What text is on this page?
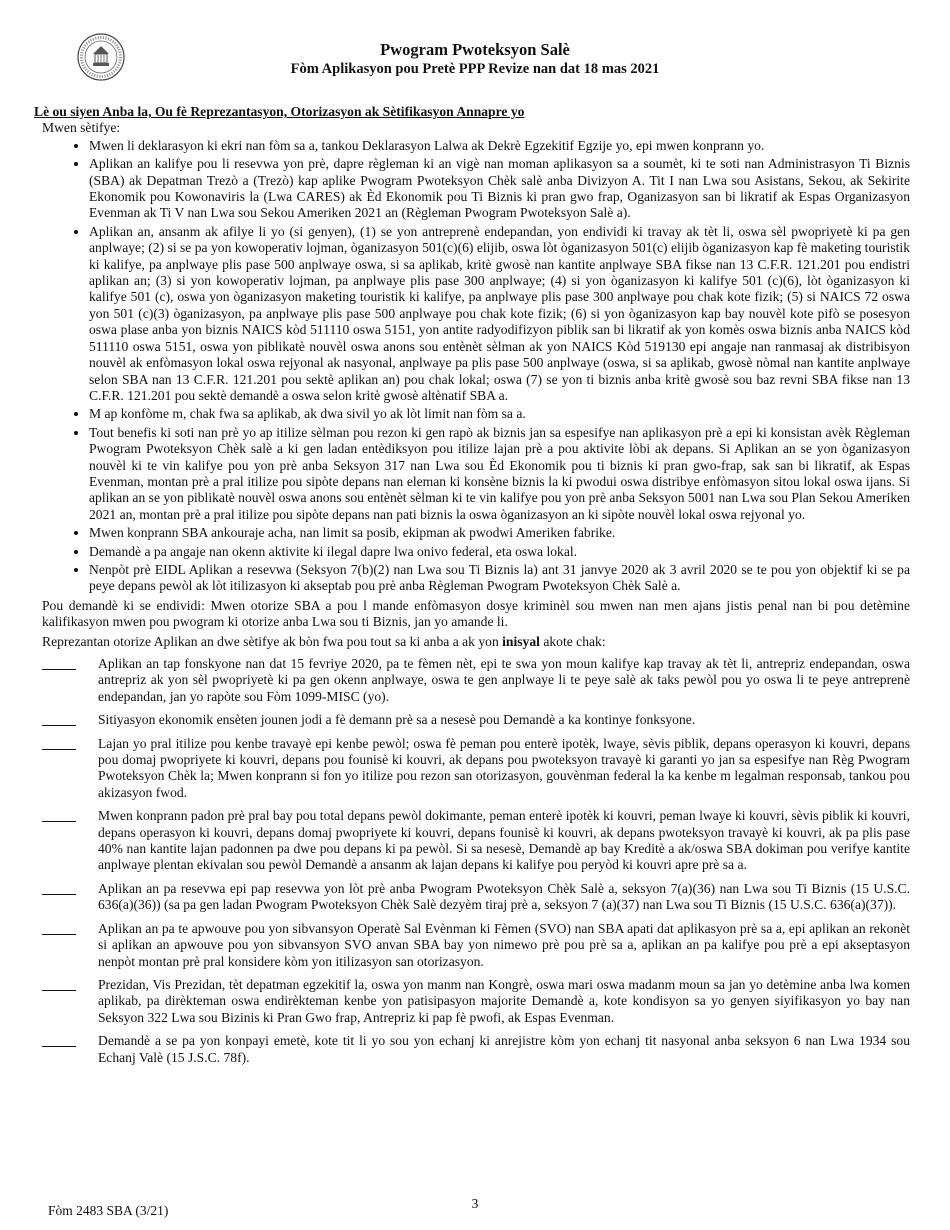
Pwogram Pwoteksyon Salè
Fòm Aplikasyon pou Pretè PPP Revize nan dat 18 mas 2021
Lè ou siyen Anba la, Ou fè Reprezantasyon, Otorizasyon ak Sètifikasyon Annapre yo
Mwen sètifye:
• Mwen li deklarasyon ki ekri nan fòm sa a, tankou Deklarasyon Lalwa ak Dekrè Egzekitif Egzije yo, epi mwen konprann yo.
• Aplikan an kalifye pou li resevwa yon prè, dapre règleman ki an vigè nan moman aplikasyon sa a soumèt, ki te soti nan Administrasyon Ti Biznis (SBA) ak Depatman Trezò a (Trezò) kap aplike Pwogram Pwoteksyon Chèk salè anba Divizyon A. Tit I nan Lwa sou Asistans, Sekou, ak Sekirite Ekonomik pou Kowonaviris la (Lwa CARES) ak Èd Ekonomik pou Ti Biznis ki pran gwo frap, Oganizasyon san bi likratif ak Espas Organizasyon Evenman ak Ti V nan Lwa sou Sekou Ameriken 2021 an (Règleman Pwogram Pwoteksyon Salè a).
• Aplikan an, ansanm ak afilye li yo (si genyen), (1) se yon antreprenè endepandan, yon endividi ki travay ak tèt li, oswa sèl pwopriyetè ki pa gen anplwaye; (2) si se pa yon kowoperativ lojman, òganizasyon 501(c)(6) elijib, oswa lòt òganizasyon 501(c) elijib òganizasyon kap fè maketing touristik ki kalifye, pa anplwaye plis pase 500 anplwaye oswa, si sa aplikab, kritè gwosè nan kantite anplwaye SBA fikse nan 13 C.F.R. 121.201 pou endistri aplikan an; (3) si yon kowoperativ lojman, pa anplwaye plis pase 300 anplwaye; (4) si yon òganizasyon ki kalifye 501 (c)(6), lòt òganizasyon ki kalifye 501 (c), oswa yon òganizasyon maketing touristik ki kalifye, pa anplwaye plis pase 300 anplwaye pou chak kote fizik; (5) si NAICS 72 oswa yon 501 (c)(3) òganizasyon, pa anplwaye plis pase 500 anplwaye pou chak kote fizik; (6) si yon òganizasyon kap bay nouvèl kote pifò se posesyon oswa plase anba yon biznis NAICS kòd 511110 oswa 5151, yon antite radyodifizyon piblik san bi likratif ak yon komès oswa biznis anba NAICS kòd 511110 oswa 5151, oswa yon piblikatè nouvèl oswa anons sou entènèt sèlman ak yon NAICS Kòd 519130 epi angaje nan ranmasaj ak distribisyon nouvèl ak enfòmasyon lokal oswa rejyonal ak nasyonal, anplwaye pa plis pase 500 anplwaye (oswa, si sa aplikab, gwosè nòmal nan kantite anplwaye selon SBA nan 13 C.F.R. 121.201 pou sektè aplikan an) pou chak lokal; oswa (7) se yon ti biznis anba kritè gwosè sou baz revni SBA fikse nan 13 C.F.R. 121.201 pou sektè demandè a oswa selon kritè gwosè altènatif SBA a.
• M ap konfòme m, chak fwa sa aplikab, ak dwa sivil yo ak lòt limit nan fòm sa a.
• Tout benefis ki soti nan prè yo ap itilize sèlman pou rezon ki gen rapò ak biznis jan sa espesifye nan aplikasyon prè a epi ki konsistan avèk Règleman Pwogram Pwoteksyon Chèk salè a ki gen ladan entèdiksyon pou itilize lajan prè a pou aktivite lòbi ak depans. Si Aplikan an se yon òganizasyon nouvèl ki te vin kalifye pou yon prè anba Seksyon 317 nan Lwa sou Èd Ekonomik pou ti biznis ki pran gwo-frap, sak san bi likratif, ak Espas Evenman, montan prè a pral itilize pou sipòte depans nan eleman ki konsène biznis la ki pwodui oswa distribye enfòmasyon sitou lokal oswa ijans. Si aplikan an se yon piblikatè nouvèl oswa anons sou entènèt sèlman ki te vin kalifye pou yon prè anba Seksyon 5001 nan Lwa sou Plan Sekou Ameriken 2021 an, montan prè a pral itilize pou sipòte depans nan pati biznis la oswa òganizasyon an ki sipòte nouvèl lokal oswa rejyonal yo.
• Mwen konprann SBA ankouraje acha, nan limit sa posib, ekipman ak pwodwi Ameriken fabrike.
• Demandè a pa angaje nan okenn aktivite ki ilegal dapre lwa onivo federal, eta oswa lokal.
• Nenpòt prè EIDL Aplikan a resevwa (Seksyon 7(b)(2) nan Lwa sou Ti Biznis la) ant 31 janvye 2020 ak 3 avril 2020 se te pou yon objektif ki se pa peye depans pewòl ak lòt itilizasyon ki akseptab pou prè anba Règleman Pwogram Pwoteksyon Chèk Salè a.
Pou demandè ki se endividi: Mwen otorize SBA a pou l mande enfòmasyon dosye kriminèl sou mwen nan men ajans jistis penal nan bi pou detèmine kalifikasyon mwen pou pwogram ki otorize anba Lwa sou ti Biznis, jan yo amande li.
Reprezantan otorize Aplikan an dwe sètifye ak bòn fwa pou tout sa ki anba a ak yon inisyal akote chak:
Aplikan an tap fonskyone nan dat 15 fevriye 2020, pa te fèmen nèt, epi te swa yon moun kalifye kap travay ak tèt li, antrepriz endepandan, oswa antrepriz ak yon sèl pwopriyetè ki pa gen okenn anplwaye, oswa te gen anplwaye li te peye salè ak taks pewòl pou yo oswa li te peye antreprenè endepandan, jan yo rapòte sou Fòm 1099-MISC (yo).
Sitiyasyon ekonomik ensèten jounen jodi a fè demann prè sa a nesesè pou Demandè a ka kontinye fonksyone.
Lajan yo pral itilize pou kenbe travayè epi kenbe pewòl; oswa fè peman pou enterè ipotèk, lwaye, sèvis piblik, depans operasyon ki kouvri, depans pou domaj pwopriyete ki kouvri, depans pou founisè ki kouvri, ak depans pou pwoteksyon travayè ki garanti yo jan sa espesifye nan Règ Pwogram Pwoteksyon Chèk la; Mwen konprann si fon yo itilize pou rezon san otorizasyon, gouvènman federal la ka kenbe m legalman responsab, tankou pou akizasyon fwod.
Mwen konprann padon prè pral bay pou total depans pewòl dokimante, peman enterè ipotèk ki kouvri, peman lwaye ki kouvri, sèvis piblik ki kouvri, depans operasyon ki kouvri, depans domaj pwopriyete ki kouvri, depans founisè ki kouvri, ak depans pwoteksyon travayè ki kouvri, ak pa plis pase 40% nan kantite lajan padonnen pa dwe pou depans ki pa pewòl. Si sa nesesè, Demandè ap bay Kreditè a ak/oswa SBA dokiman pou verifye kantite anplwaye plentan ekivalan sou pewòl Demandè a ansanm ak lajan depans ki kalifye pou peryòd ki kouvri apre prè sa a.
Aplikan an pa resevwa epi pap resevwa yon lòt prè anba Pwogram Pwoteksyon Chèk Salè a, seksyon 7(a)(36) nan Lwa sou Ti Biznis (15 U.S.C. 636(a)(36)) (sa pa gen ladan Pwogram Pwoteksyon Chèk Salè dezyèm tiraj prè a, seksyon 7 (a)(37) nan Lwa sou Ti Biznis (15 U.S.C. 636(a)(37)).
Aplikan an pa te apwouve pou yon sibvansyon Operatè Sal Evènman ki Fèmen (SVO) nan SBA apati dat aplikasyon prè sa a, epi aplikan an rekonèt si aplikan an apwouve pou yon sibvansyon SVO anvan SBA bay yon nimewo prè pou prè sa a, aplikan an pa kalifye pou prè a epi akseptasyon nenpòt montan prè pral konsidere kòm yon itilizasyon san otorizasyon.
Prezidan, Vis Prezidan, tèt depatman egzekitif la, oswa yon manm nan Kongrè, oswa mari oswa madanm moun sa jan yo detèmine anba lwa komen aplikab, pa dirèkteman oswa endirèkteman kenbe yon patisipasyon majorite Demandè a, kote kondisyon sa yo genyen siyifikasyon yo bay nan Seksyon 322 Lwa sou Bizinis ki Pran Gwo frap, Antrepriz ki pap fè pwofi, ak Espas Evenman.
Demandè a se pa yon konpayi emetè, kote tit li yo sou yon echanj ki anrejistre kòm yon echanj tit nasyonal anba seksyon 6 nan Lwa 1934 sou Echanj Valè (15 J.S.C. 78f).
3
Fòm 2483 SBA (3/21)
